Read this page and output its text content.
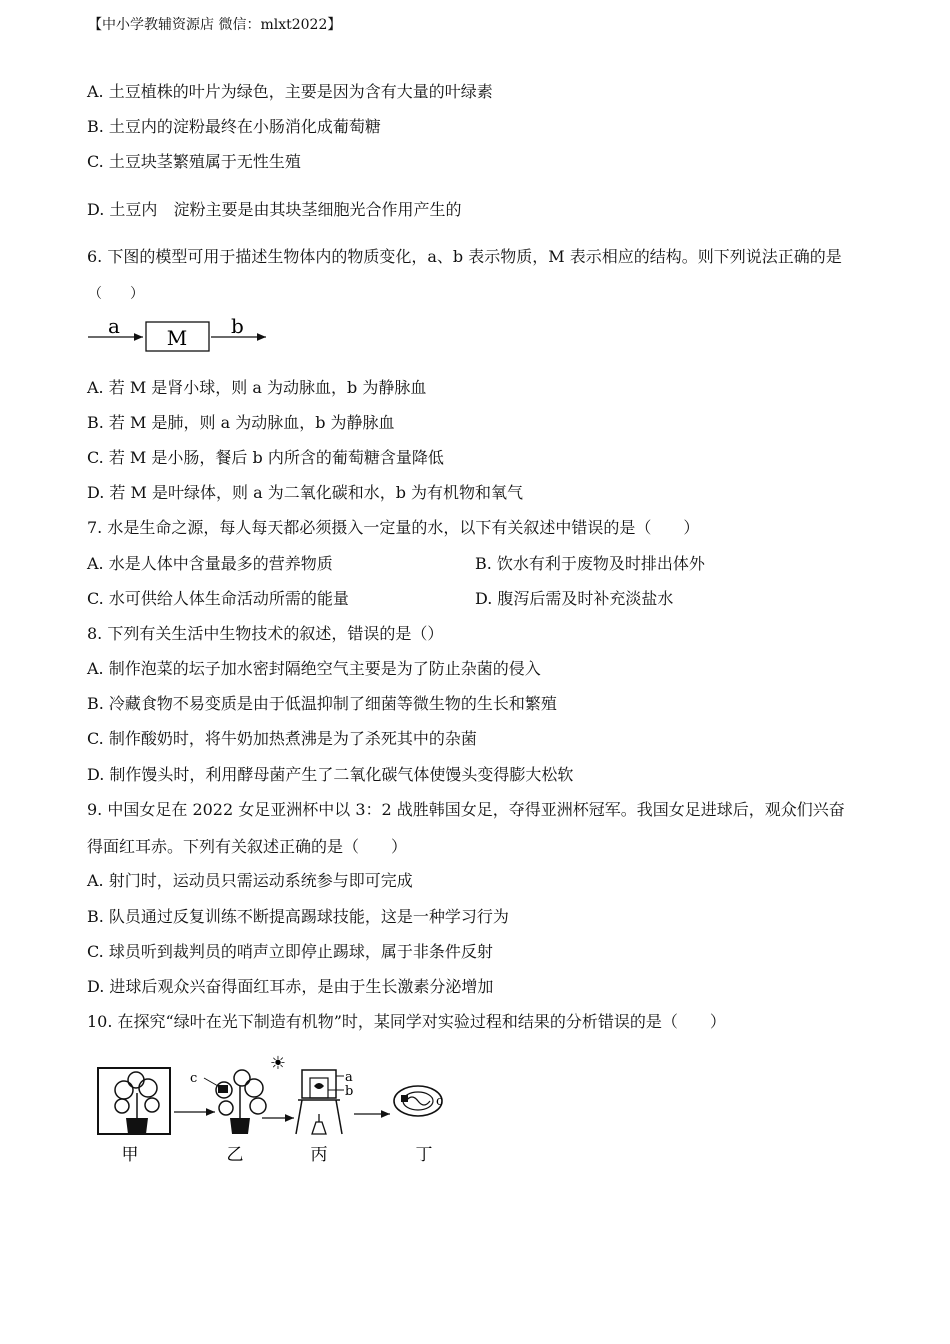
【中小学教辅资源店 微信：mlxt2022】
A. 土豆植株的叶片为绿色，主要是因为含有大量的叶绿素
B. 土豆内的淀粉最终在小肠消化成葡萄糖
C. 土豆块茎繁殖属于无性生殖
D. 土豆内 淀粉主要是由其块茎细胞光合作用产生的
6. 下图的模型可用于描述生物体内的物质变化，a、b 表示物质，M 表示相应的结构。则下列说法正确的是
（　　）
a M b
A. 若 M 是肾小球，则 a 为动脉血，b 为静脉血
B. 若 M 是肺，则 a 为动脉血，b 为静脉血
C. 若 M 是小肠，餐后 b 内所含的葡萄糖含量降低
D. 若 M 是叶绿体，则 a 为二氧化碳和水，b 为有机物和氧气
7. 水是生命之源，每人每天都必须摄入一定量的水，以下有关叙述中错误的是（　　）
A. 水是人体中含量最多的营养物质	B. 饮水有利于废物及时排出体外
C. 水可供给人体生命活动所需的能量	D. 腹泻后需及时补充淡盐水
8. 下列有关生活中生物技术的叙述，错误的是（）
A. 制作泡菜的坛子加水密封隔绝空气主要是为了防止杂菌的侵入
B. 冷藏食物不易变质是由于低温抑制了细菌等微生物的生长和繁殖
C. 制作酸奶时，将牛奶加热煮沸是为了杀死其中的杂菌
D. 制作馒头时，利用酵母菌产生了二氧化碳气体使馒头变得膨大松软
9. 中国女足在 2022 女足亚洲杯中以 3：2 战胜韩国女足，夺得亚洲杯冠军。我国女足进球后，观众们兴奋
得面红耳赤。下列有关叙述正确的是（　　）
A. 射门时，运动员只需运动系统参与即可完成
B. 队员通过反复训练不断提高踢球技能，这是一种学习行为
C. 球员听到裁判员的哨声立即停止踢球，属于非条件反射
D. 进球后观众兴奋得面红耳赤，是由于生长激素分泌增加
10. 在探究“绿叶在光下制造有机物”时，某同学对实验过程和结果的分析错误的是（　　）
c
☀
a
b
c
甲	乙	丙	丁
